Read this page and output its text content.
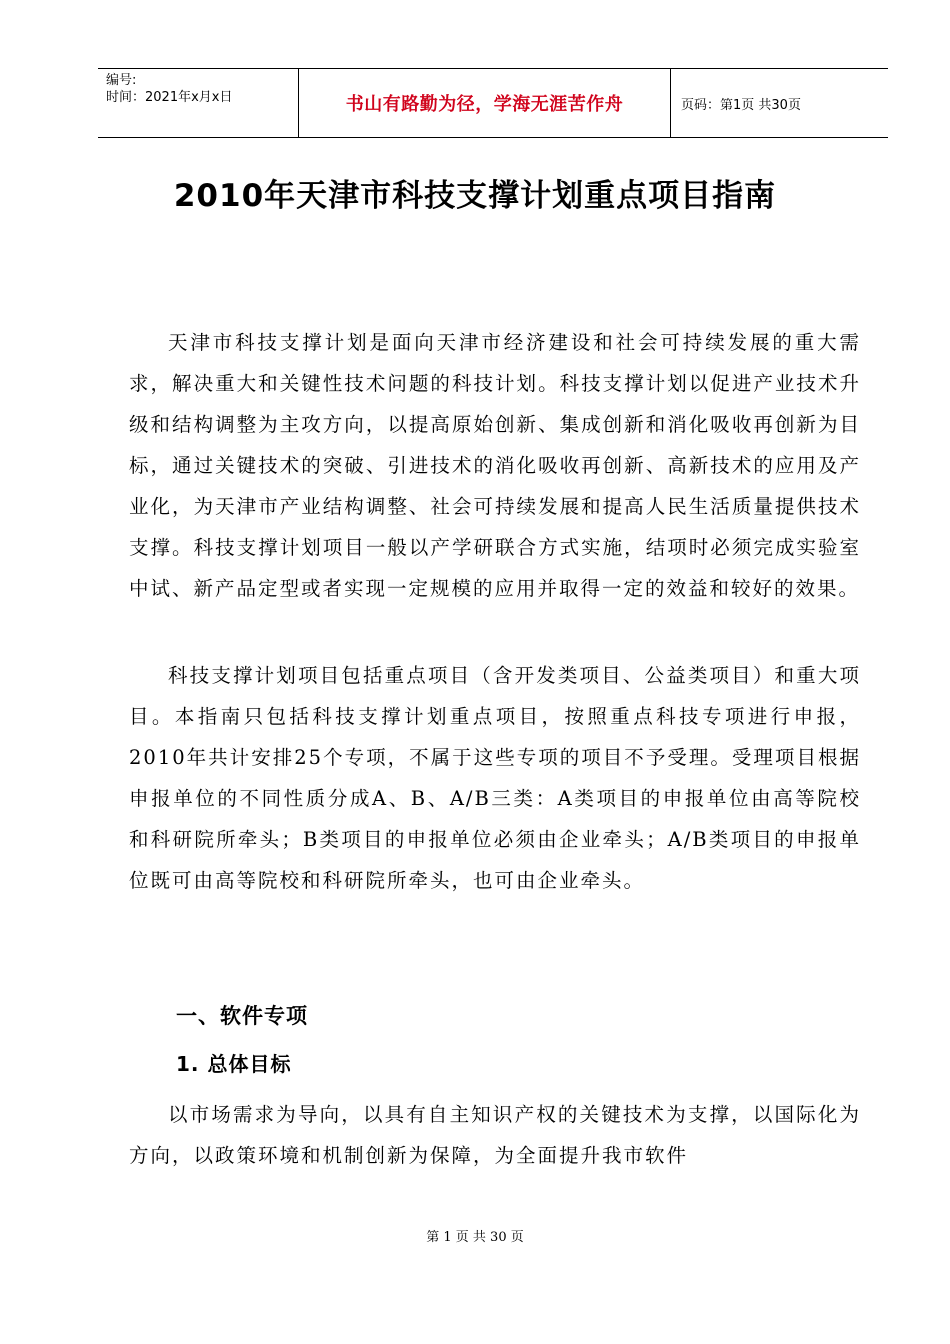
编号:
时间：2021年x月x日	书山有路勤为径，学海无涯苦作舟	页码：第1页 共30页
2010年天津市科技支撑计划重点项目指南

天津市科技支撑计划是面向天津市经济建设和社会可持续发展的重大需求，解决重大和关键性技术问题的科技计划。科技支撑计划以促进产业技术升级和结构调整为主攻方向，以提高原始创新、集成创新和消化吸收再创新为目标，通过关键技术的突破、引进技术的消化吸收再创新、高新技术的应用及产业化，为天津市产业结构调整、社会可持续发展和提高人民生活质量提供技术支撑。科技支撑计划项目一般以产学研联合方式实施，结项时必须完成实验室中试、新产品定型或者实现一定规模的应用并取得一定的效益和较好的效果。

科技支撑计划项目包括重点项目（含开发类项目、公益类项目）和重大项目。本指南只包括科技支撑计划重点项目，按照重点科技专项进行申报，2010年共计安排25个专项，不属于这些专项的项目不予受理。受理项目根据申报单位的不同性质分成A、B、A/B三类：A类项目的申报单位由高等院校和科研院所牵头；B类项目的申报单位必须由企业牵头；A/B类项目的申报单位既可由高等院校和科研院所牵头，也可由企业牵头。

一、软件专项
1. 总体目标

以市场需求为导向，以具有自主知识产权的关键技术为支撑，以国际化为方向，以政策环境和机制创新为保障，为全面提升我市软件

第 1 页 共 30 页
